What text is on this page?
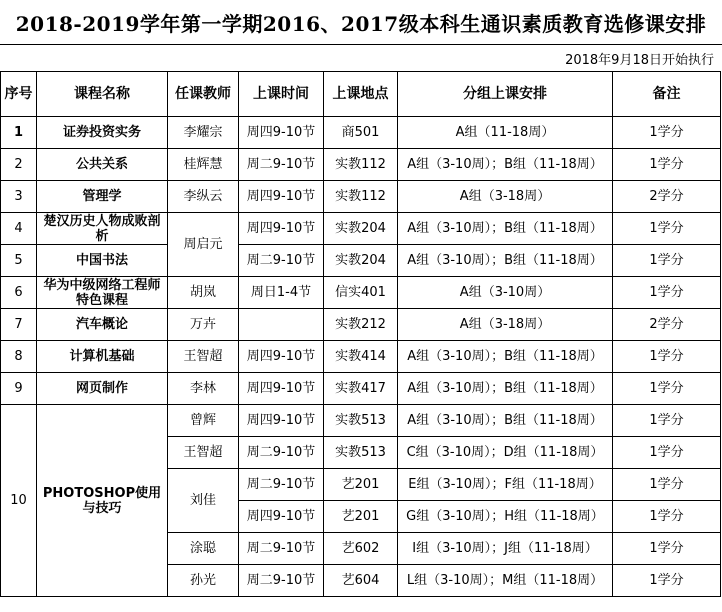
2018-2019学年第一学期2016、2017级本科生通识素质教育选修课安排
2018年9月18日开始执行
序号	课程名称	任课教师	上课时间	上课地点	分组上课安排	备注
1	证券投资实务	李耀宗	周四9-10节	商501	A组（11-18周）	1学分
2	公共关系	桂辉慧	周二9-10节	实教112	A组（3-10周）；B组（11-18周）	1学分
3	管理学	李纵云	周四9-10节	实教112	A组（3-18周）	2学分
4	楚汉历史人物成败剖析	周启元	周四9-10节	实教204	A组（3-10周）；B组（11-18周）	1学分
5	中国书法		周二9-10节	实教204	A组（3-10周）；B组（11-18周）	1学分
6	华为中级网络工程师特色课程	胡岚	周日1-4节	信实401	A组（3-10周）	1学分
7	汽车概论	万卉		实教212	A组（3-18周）	2学分
8	计算机基础	王智超	周四9-10节	实教414	A组（3-10周）；B组（11-18周）	1学分
9	网页制作	李林	周四9-10节	实教417	A组（3-10周）；B组（11-18周）	1学分
10	PHOTOSHOP使用与技巧	曾辉	周四9-10节	实教513	A组（3-10周）；B组（11-18周）	1学分
		王智超	周二9-10节	实教513	C组（3-10周）；D组（11-18周）	1学分
		刘佳	周二9-10节	艺201	E组（3-10周）；F组（11-18周）	1学分
			周四9-10节	艺201	G组（3-10周）；H组（11-18周）	1学分
		涂聪	周二9-10节	艺602	I组（3-10周）；J组（11-18周）	1学分
		孙光	周二9-10节	艺604	L组（3-10周）；M组（11-18周）	1学分
